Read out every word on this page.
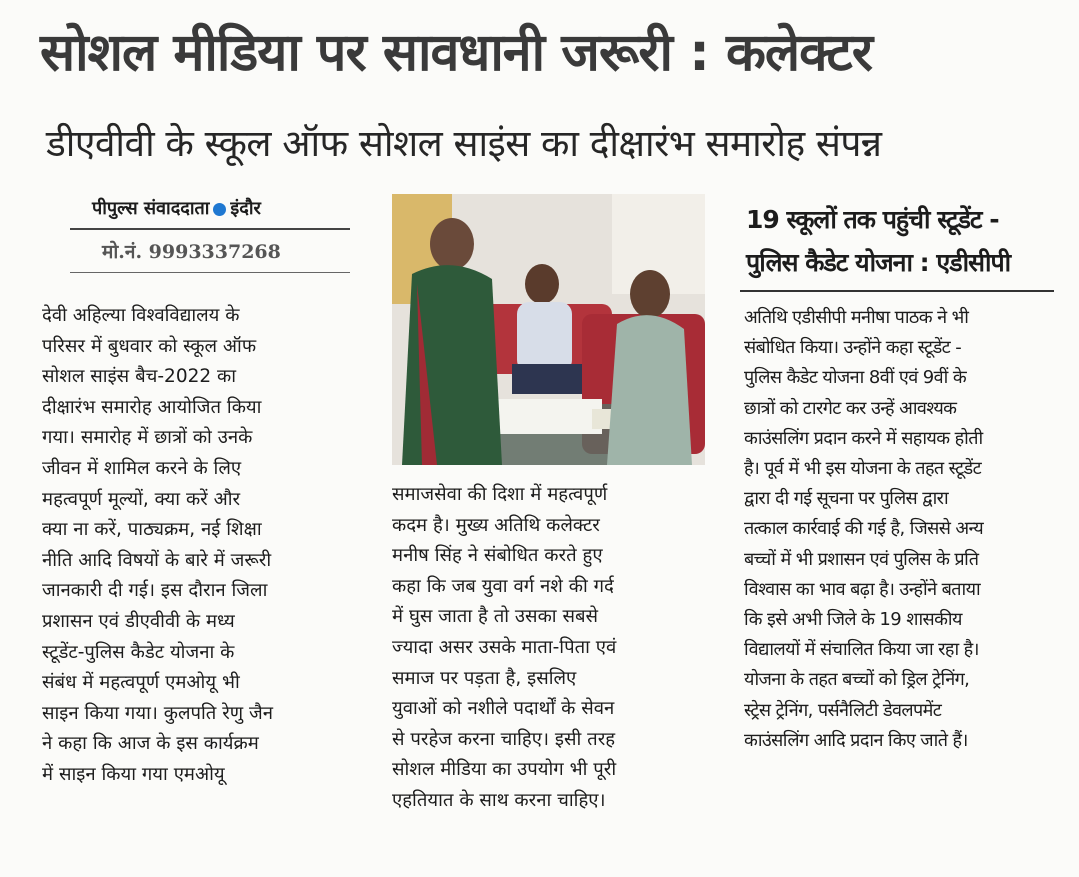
सोशल मीडिया पर सावधानी जरूरी : कलेक्टर
डीएवीवी के स्कूल ऑफ सोशल साइंस का दीक्षारंभ समारोह संपन्न
पीपुल्स संवाददाता इंदौर
मो.नं. 9993337268
देवी अहिल्या विश्वविद्यालय के
परिसर में बुधवार को स्कूल ऑफ
सोशल साइंस बैच-2022 का
दीक्षारंभ समारोह आयोजित किया
गया। समारोह में छात्रों को उनके
जीवन में शामिल करने के लिए
महत्वपूर्ण मूल्यों, क्या करें और
क्या ना करें, पाठ्यक्रम, नई शिक्षा
नीति आदि विषयों के बारे में जरूरी
जानकारी दी गई। इस दौरान जिला
प्रशासन एवं डीएवीवी के मध्य
स्टूडेंट-पुलिस कैडेट योजना के
संबंध में महत्वपूर्ण एमओयू भी
साइन किया गया। कुलपति रेणु जैन
ने कहा कि आज के इस कार्यक्रम
में साइन किया गया एमओयू
समाजसेवा की दिशा में महत्वपूर्ण
कदम है। मुख्य अतिथि कलेक्टर
मनीष सिंह ने संबोधित करते हुए
कहा कि जब युवा वर्ग नशे की गर्द
में घुस जाता है तो उसका सबसे
ज्यादा असर उसके माता-पिता एवं
समाज पर पड़ता है, इसलिए
युवाओं को नशीले पदार्थों के सेवन
से परहेज करना चाहिए। इसी तरह
सोशल मीडिया का उपयोग भी पूरी
एहतियात के साथ करना चाहिए।
19 स्कूलों तक पहुंची स्टूडेंट -
पुलिस कैडेट योजना : एडीसीपी
अतिथि एडीसीपी मनीषा पाठक ने भी
संबोधित किया। उन्होंने कहा स्टूडेंट -
पुलिस कैडेट योजना 8वीं एवं 9वीं के
छात्रों को टारगेट कर उन्हें आवश्यक
काउंसलिंग प्रदान करने में सहायक होती
है। पूर्व में भी इस योजना के तहत स्टूडेंट
द्वारा दी गई सूचना पर पुलिस द्वारा
तत्काल कार्रवाई की गई है, जिससे अन्य
बच्चों में भी प्रशासन एवं पुलिस के प्रति
विश्वास का भाव बढ़ा है। उन्होंने बताया
कि इसे अभी जिले के 19 शासकीय
विद्यालयों में संचालित किया जा रहा है।
योजना के तहत बच्चों को ड्रिल ट्रेनिंग,
स्ट्रेस ट्रेनिंग, पर्सनैलिटी डेवलपमेंट
काउंसलिंग आदि प्रदान किए जाते हैं।
